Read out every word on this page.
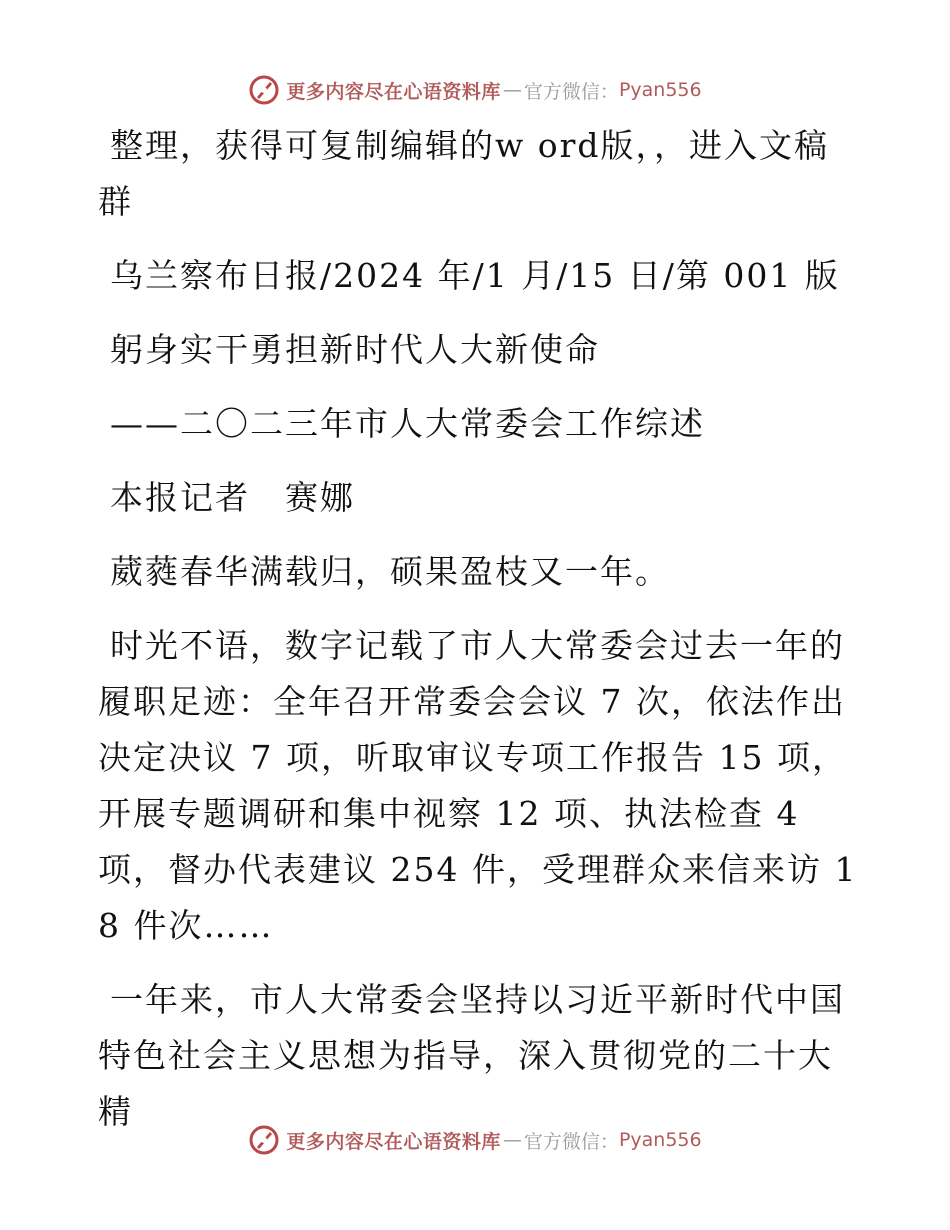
更多内容尽在心语资料库 — 官方微信： Pyan556

整理，获得可复制编辑的w ord版，，进入文稿群

乌兰察布日报/2024 年/1 月/15 日/第 001 版

躬身实干勇担新时代人大新使命

——二〇二三年市人大常委会工作综述

本报记者　赛娜

葳蕤春华满载归，硕果盈枝又一年。

时光不语，数字记载了市人大常委会过去一年的履职足迹：全年召开常委会会议 7 次，依法作出决定决议 7 项，听取审议专项工作报告 15 项，开展专题调研和集中视察 12 项、执法检查 4项，督办代表建议 254 件，受理群众来信来访 18 件次……

一年来，市人大常委会坚持以习近平新时代中国特色社会主义思想为指导，深入贯彻党的二十大精

更多内容尽在心语资料库 — 官方微信： Pyan556
